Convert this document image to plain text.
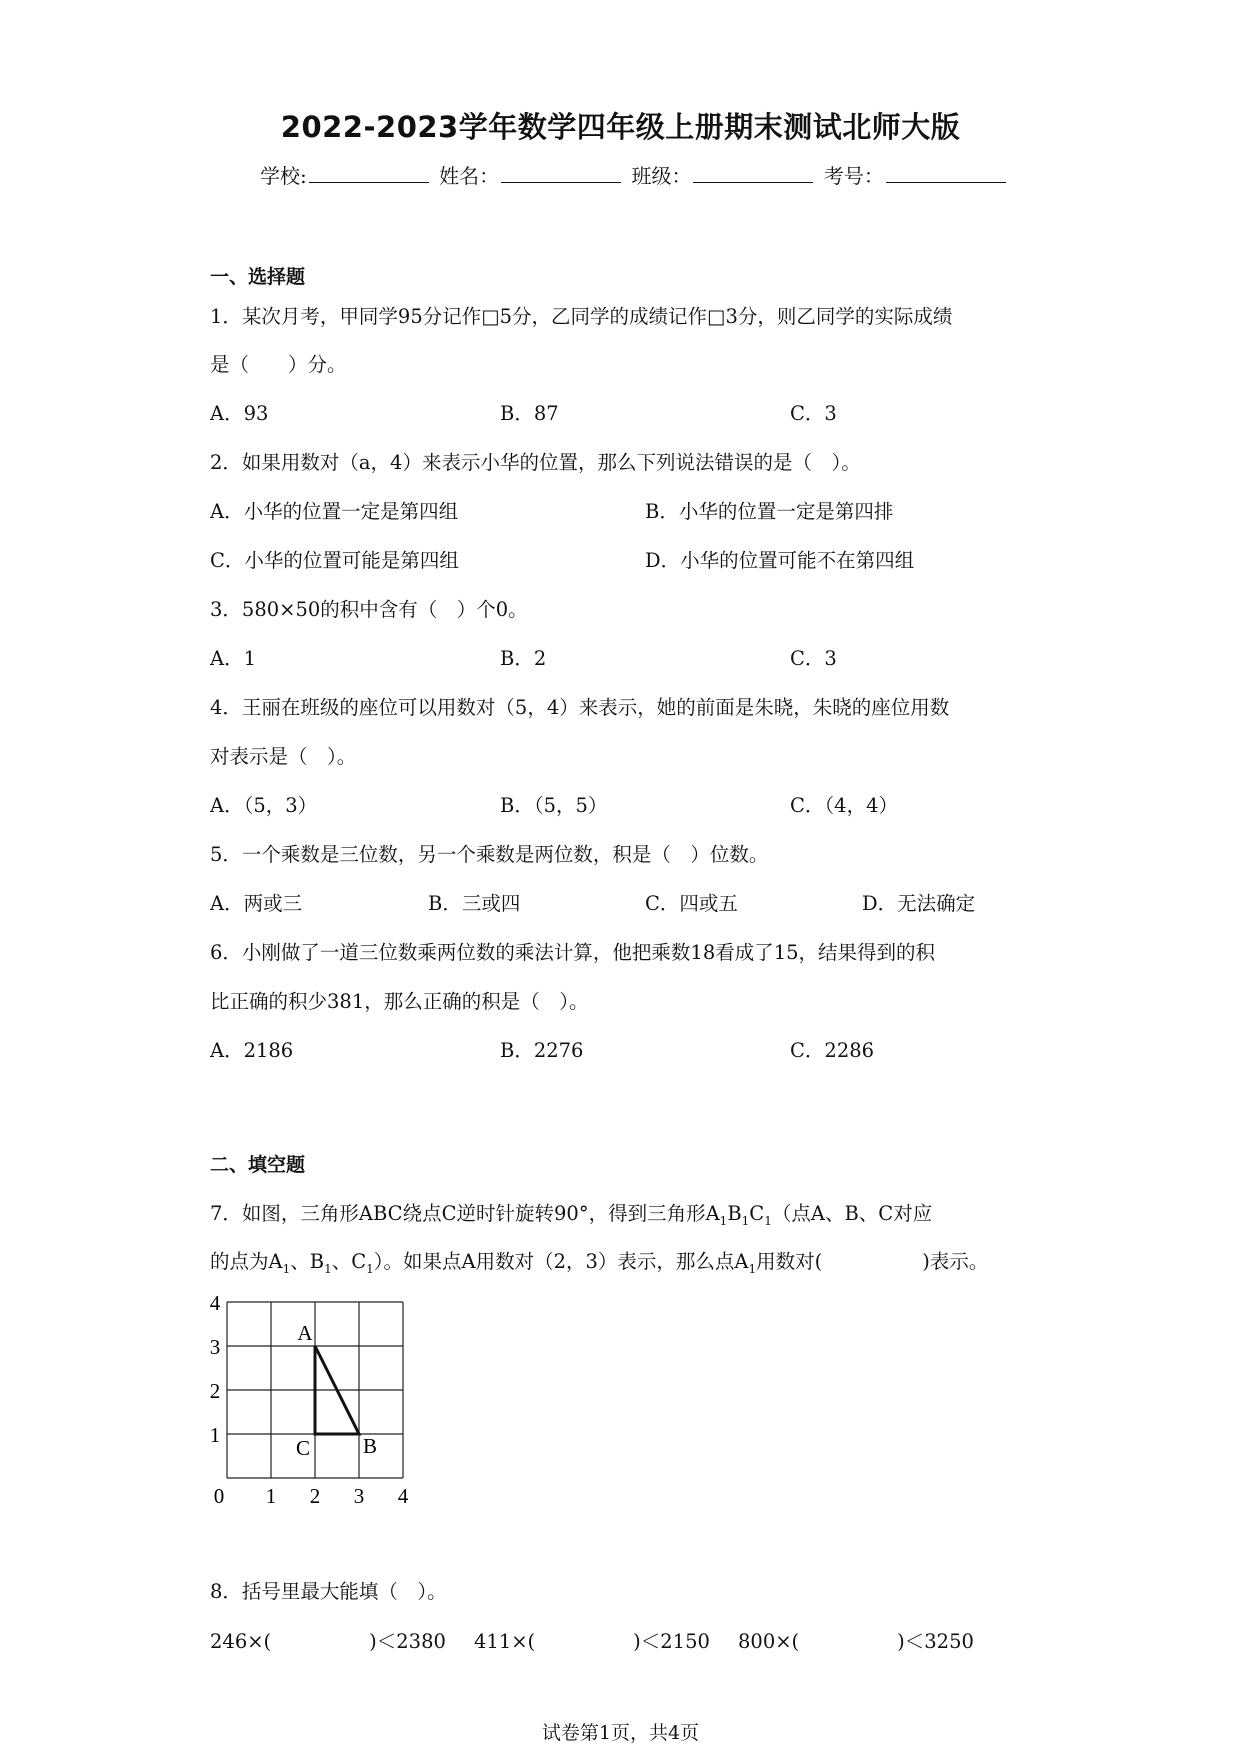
2022-2023学年数学四年级上册期末测试北师大版
学校:	姓名：	班级：	考号：
一、选择题
1．某次月考，甲同学95分记作□5分，乙同学的成绩记作□3分，则乙同学的实际成绩
是（　　）分。
A．93	B．87	C．3
2．如果用数对（a，4）来表示小华的位置，那么下列说法错误的是（　）。
A．小华的位置一定是第四组	B．小华的位置一定是第四排
C．小华的位置可能是第四组	D．小华的位置可能不在第四组
3．580×50的积中含有（　）个0。
A．1	B．2	C．3
4．王丽在班级的座位可以用数对（5，4）来表示，她的前面是朱晓，朱晓的座位用数
对表示是（　）。
A．（5，3）	B．（5，5）	C．（4，4）
5．一个乘数是三位数，另一个乘数是两位数，积是（　）位数。
A．两或三	B．三或四	C．四或五	D．无法确定
6．小刚做了一道三位数乘两位数的乘法计算，他把乘数18看成了15，结果得到的积
比正确的积少381，那么正确的积是（　）。
A．2186	B．2276	C．2286
二、填空题
7．如图，三角形ABC绕点C逆时针旋转90°，得到三角形$A_1B_1C_1$（点A、B、C对应
的点为$A_1$、$B_1$、$C_1$）。如果点A用数对（2，3）表示，那么点$A_1$用数对(	)表示。
0 1 2 3 4
1
2
3
4
A
B
C
8．括号里最大能填（　）。
246×(	)＜2380 411×(	)＜2150 800×(	)＜3250
试卷第1页，共4页
